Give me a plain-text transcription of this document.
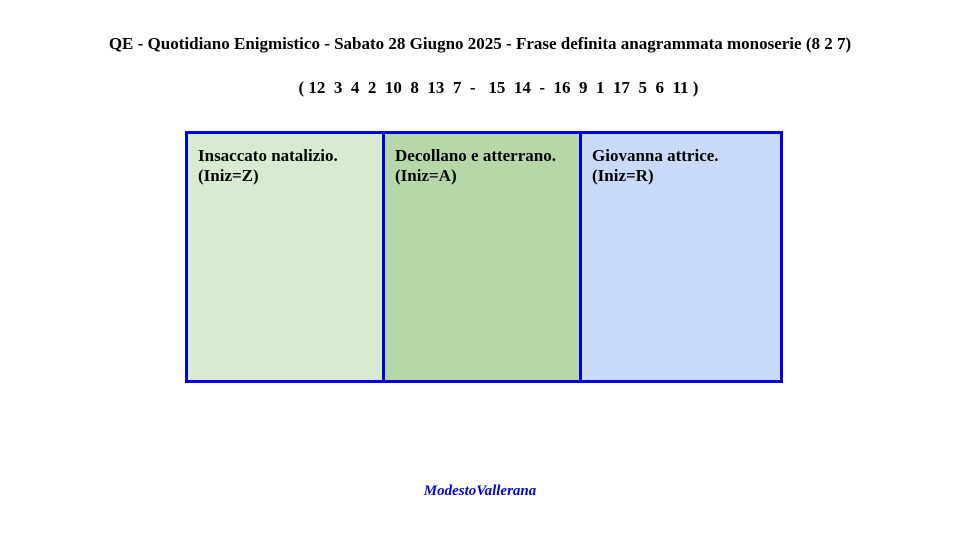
QE - Quotidiano Enigmistico - Sabato 28 Giugno 2025 - Frase definita anagrammata monoserie (8 2 7)
( 12  3  4  2  10  8  13  7  -   15  14  -  16  9  1  17  5  6  11 )
Insaccato natalizio.
(Iniz=Z)
Decollano e atterrano.
(Iniz=A)
Giovanna attrice.
(Iniz=R)
ModestoVallerana
